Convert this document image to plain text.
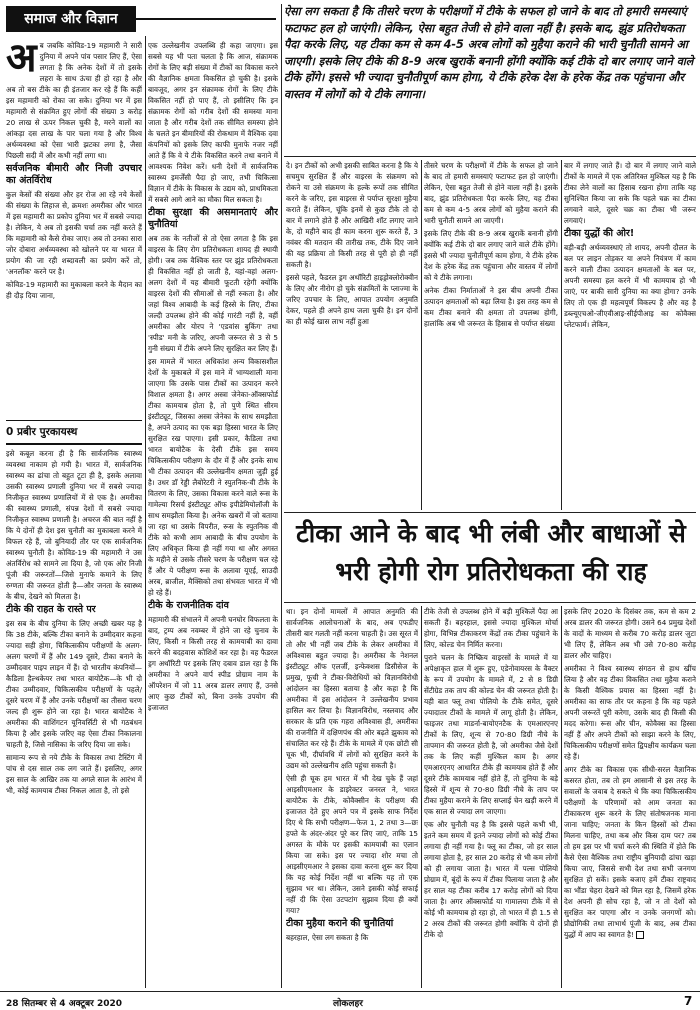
समाज और विज्ञान

अब जबकि कोविड-19 महामारी ने सारी दुनिया में अपने पांव पसार लिए हैं, ऐसा लगता है कि अनेक देशों में तो इसके लहरा के साथ ऊंचा ही हो रहा है और अब तो बस टीके का ही इंतजार कर रहे हैं कि कहीं इस महामारी को रोका जा सके। दुनिया भर में इस महामारी से संक्रमित हुए लोगों की संख्या 3 करोड़ 20 लाख से ऊपर निकल चुकी है, मरने वालों का आंकड़ा दस लाख के पार चला गया है और विश्व अर्थव्यवस्था को ऐसा भारी झटका लगा है, जैसा पिछली सदी में और कभी नहीं लगा था।

सर्वजनिक बीमारी और निजी उपचार का अंतर्विरोध

कुल केसों की संख्या और हर रोज आ रहे नये केसों की संख्या के लिहाज से, क्रमशः अमरीका और भारत में इस महामारी का प्रकोप दुनिया भर में सबसे ज्यादा है। लेकिन, ये अब तो इसकी चर्चा तक नहीं करते हैं कि महामारी को कैसे रोका जाए। अब तो उनका सारा जोर दोबारा अर्थव्यवस्था को खोलने पर या भारत में प्रयोग की जा रही शब्दावली का प्रयोग करें तो, 'अनलॉक' करने पर है।

कोविड-19 महामारी का मुकाबला करने के मैदान का ही दौड़ दिया जाना,

0 प्रबीर पुरकायस्थ

इसे कबूल करना ही है कि सार्वजनिक स्वास्थ्य व्यवस्था नाकाम हो गयी है। भारत में, सार्वजनिक स्वास्थ्य का ढांचा तो बहुत टूटा ही है, इसके अलावा उसकी स्वास्थ्य प्रणाली दुनिया भर में सबसे ज्यादा निजीकृत स्वास्थ्य प्रणालियों में से एक है। अमरीका की स्वास्थ्य प्रणाली, संपन्न देशों में सबसे ज्यादा निजीकृत स्वास्थ्य प्रणाली है। अचरज की बात नहीं है कि ये दोनों ही देश इस चुनौती का मुकाबला करने में विफल रहे हैं, जो बुनियादी तौर पर एक सार्वजनिक स्वास्थ्य चुनौती है। कोविड-19 की महामारी ने उस अंतर्विरोध को सामने ला दिया है, जो एक ओर निजी पूंजी की जरूरतों—जिसे मुनाफे कमाने के लिए रुग्णता की जरूरत होती है—और जनता के स्वास्थ्य के बीच, देखने को मिलता है।

टीके की राहत के रास्ते पर

इस सब के बीच दुनिया के लिए अच्छी खबर यह है कि 38 टीके, बल्कि टीका बनाने के उम्मीदवार कहना ज्यादा सही होगा, चिकित्सकीय परीक्षणों के अलग-अलग चरणों में हैं और 149 दूसरे, टीका बनाने के उम्मीदवार पाइप लाइन में हैं। दो भारतीय कंपनियों—कैडिला हैल्थकेयर तथा भारत बायोटैक—के भी दो टीका उम्मीदवार, चिकित्सकीय परीक्षणों के पहले/दूसरे चरण में हैं और उनके परीक्षणों का तीसरा चरण जल्द ही शुरू होने जा रहा है। भारत बायोटैक ने अमरीका की वाशिंगटन यूनिवर्सिटी से भी गठबंधन किया है और इसके जरिए वह ऐसा टीका निकालना चाहती है, जिसे नासिका के जरिए दिया जा सके।

सामान्य रूप से नये टीके के विकास तथा टैस्टिंग में पांच से दस साल तक लग जाते हैं। इसलिए, अगर इस साल के आखिर तक या अगले साल के आरंभ में भी, कोई कामयाब टीका निकल आता है, तो इसे

एक उल्लेखनीय उपलब्धि ही कहा जाएगा। इस सबसे यह भी पता चलता है कि आज, संक्रामक रोगों के लिए बड़ी संख्या में टीकों का विकास करने की वैज्ञानिक क्षमता विकसित हो चुकी है। इसके बावजूद, अगर इन संक्रामक रोगों के लिए टीके विकसित नहीं हो पाए हैं, तो इसीलिए कि इन संक्रामक रोगों को गरीब देशों की समस्या माना जाता है और गरीब देशों तक सीमित समस्या होने के चलते इन बीमारियों की रोकथाम में वैश्विक दवा कंपनियों को इसके लिए काफी मुनाफे नजर नहीं आते हैं कि वे ये टीके विकसित करने तथा बनाने में आवश्यक निवेश करें। धनी देशों में सार्वजनिक स्वास्थ्य इमर्जेंसी पैदा हो जाए, तभी चिकित्सा विज्ञान में टीके के विकास के उद्यम को, प्राथमिकता में सबसे आगे आने का मौका मिल सकता है।

टीका सुरक्षा की असमानताएं और चुनौतियां

अब तक के नतीजों से तो ऐसा लगता है कि इस वाइरस के लिए रोग प्रतिरोधकता शायद ही स्थायी होगी। जब तक वैश्विक स्तर पर झुंड प्रतिरोधकता ही विकसित नहीं हो जाती है, यहां-वहां अलग-अलग देशों में यह बीमारी फूटती रहेगी क्योंकि वाइरस देशों की सीमाओं से नहीं रुकता है। और जहां विश्व आबादी के कई हिस्से के लिए, टीका जल्दी उपलब्ध होने की कोई गारंटी नहीं है, वहीं अमरीका और योरप ने 'एडवांस बुकिंग' तथा 'स्पीड' मनी के जरिए, अपनी जरूरत से 3 से 5 गुनी संख्या में टीके अपने लिए सुरक्षित कर लिए हैं।

इस मामले में भारत अधिकांश अन्य विकासशील देशों के मुकाबले में इस माने में भाग्यशाली माना जाएगा कि उसके पास टीकों का उत्पादन करने विशाल क्षमता है। अगर अस्त्रा जेनेका-ऑक्सफोर्ड टीका कामयाब होता है, तो पुणे स्थित सीरम इंस्टीट्यूट, जिसका अस्त्रा जेनेका के साथ समझौता है, अपने उत्पाद का एक बड़ा हिस्सा भारत के लिए सुरक्षित रख पाएगा। इसी प्रकार, कैडिला तथा भारत बायोटैक के देसी टीके इस समय चिकित्सकीय परीक्षण के दौर में हैं और इनके साथ भी टीका उत्पादन की उल्लेखनीय क्षमता जुड़ी हुई है। उधर डॉ रेड्डी लैबोरेटरी ने स्पुतनिक-वी टीके के वितरण के लिए, उसका विकास करने वाले रूस के गामेल्या रिसर्च इंस्टीट्यूट ऑफ इपीडेमियोलॉजी के साथ समझौता किया है। अनेक खबरों में जो बताया जा रहा था उसके विपरीत, रूस के स्पुतनिक वी टीके को कभी आम आबादी के बीच उपयोग के लिए अधिकृत किया ही नहीं गया था और अगस्त के महीने से उसके तीसरे चरण के परीक्षण चल रहे हैं और ये परीक्षण रूस के अलावा यूएई, साउदी अरब, ब्राजील, मैक्सिको तथा संभवतः भारत में भी हो रहे हैं।

टीके के राजनीतिक दांव

महामारी की संभालने में अपनी घनघोर विफलता के बाद, ट्रम्प अब नवम्बर में होने जा रहे चुनाव के लिए, किसी न किसी तरह से कामयाबी का दावा करने की बदहवास कोशिशें कर रहा है। वह फैडरल ड्रग अथॉरिटी पर इसके लिए दबाव डाल रहा है कि अमरीका ने अपने वार्प स्पीड प्रोग्राम नाम के ऑपरेशन में जो 11 अरब डालर लगाए हैं, उनसे आए कुछ टीकों को, बिना उनके उपयोग की इजाजत

ऐसा लग सकता है कि तीसरे चरण के परीक्षणों में टीके के सफल हो जाने के बाद तो हमारी समस्याएं फटाफट हल हो जाएंगी। लेकिन, ऐसा बहुत तेजी से होने वाला नहीं है। इसके बाद, झुंड प्रतिरोधकता पैदा करके लिए, यह टीका कम से कम 4-5 अरब लोगों को मुहैया कराने की भारी चुनौती सामने आ जाएगी। इसके लिए टीके की 8-9 अरब खुराकें बनानी होंगी क्योंकि कई टीके दो बार लगाए जाने वाले टीके होंगे। इससे भी ज्यादा चुनौतीपूर्ण काम होगा, ये टीके हरेक देश के हरेक केंद्र तक पहुंचाना और वास्तव में लोगों को ये टीके लगाना।

दे। इन टीकों को अभी इसकी साबित करना है कि ये सचमुच सुरक्षित हैं और वाइरस के संक्रमण को रोकने या उसे संक्रमण के हल्के रूपों तक सीमित करने के जरिए, इस वाइरस से पर्याप्त सुरक्षा मुहैया कराते हैं। लेकिन, चूंकि इनमें से कुछ टीके तो दो बार में लगाने होते हैं और आखिरी शॉट लगाए जाने के, दो महीने बाद ही काम करना शुरू करते हैं, 3 नवंबर की मतदान की तारीख तक, टीके दिए जाने की यह प्रक्रिया तो किसी तरह से पूरी हो ही नहीं सकती है।

इससे पहले, फैडरल ड्रग अथॉरिटी हाइड्रोक्लोरोक्वीन के लिए और नीरोग हो चुके संक्रमितों के प्लाज्मा के जरिए उपचार के लिए, आपात उपयोग अनुमति देकर, पहले ही अपने हाथ जला चुकी है। इन दोनों का ही कोई खास लाभ नहीं हुआ

तीसरे चरण के परीक्षणों में टीके के सफल हो जाने के बाद तो हमारी समस्याएं फटाफट हल हो जाएंगी। लेकिन, ऐसा बहुत तेजी से होने वाला नहीं है। इसके बाद, झुंड प्रतिरोधकता पैदा करके लिए, यह टीका कम से कम 4-5 अरब लोगों को मुहैया कराने की भारी चुनौती सामने आ जाएगी।

इसके लिए टीके की 8-9 अरब खुराकें बनानी होंगी क्योंकि कई टीके दो बार लगाए जाने वाले टीके होंगे। इससे भी ज्यादा चुनौतीपूर्ण काम होगा, ये टीके हरेक देश के हरेक केंद्र तक पहुंचाना और वास्तव में लोगों को ये टीके लगाना।

अनेक टीका निर्माताओं ने इस बीच अपनी टीका उत्पादन क्षमताओं को बढ़ा लिया है। इस तरह कम से कम टीका बनाने की क्षमता तो उपलब्ध होगी, हालांकि अब भी जरूरत के हिसाब से पर्याप्त संख्या

बार में लगाए जाते हैं। दो बार में लगाए जाने वाले टीकों के मामले में एक अतिरिक्त मुश्किल यह है कि टीका लेने वालों का हिसाब रखना होगा ताकि यह सुनिश्चित किया जा सके कि पहले चक्र का टीका लगवाने वाले, दूसरे चक्र का टीका भी जरूर लगवाएं।

टीका युद्धों की ओर!

बड़ी-बड़ी अर्थव्यवस्थाएं तो शायद, अपनी दौलत के बल पर लाइन तोड़कर या अपने नियंत्रण में काम करने वाली टीका उत्पादन क्षमताओं के बल पर, अपनी समस्या हल करने में भी कामयाब हो भी जाएं, पर बाकी सारी दुनिया का क्या होगा? उनके लिए तो एक ही महत्वपूर्ण विकल्प है और वह है डब्ल्यूएचओ-जीएवीआइ-सीईपीआइ का कोवैक्स प्लेटफार्म। लेकिन,

टीका आने के बाद भी लंबी और बाधाओं से भरी होगी रोग प्रतिरोधकता की राह

था। इन दोनों मामलों में आपात अनुमति की सार्वजनिक आलोचनाओं के बाद, अब एफडीए तीसरी बार गलती नहीं करना चाहती है। उस सूरत में तो और भी नहीं जब टीके के लेकर अमरीका में अविश्वास बहुत ज्यादा है। अमरीका के नेशनल इंस्टीट्यूट ऑफ एलर्जी, इन्फेक्शस डिसीसेज के प्रमुख, फूची ने टीका-विरोधियों को विज्ञानविरोधी आंदोलन का हिस्सा बताया है और कहा है कि अमरीका में इस आंदोलन ने उल्लेखनीय प्रभाव हासिल कर लिया है। विज्ञानविरोध, नस्लवाद और सरकार के प्रति एक गहरा अविश्वास ही, अमरीका की राजनीति में दक्षिणपंथ की ओर बढ़ते झुकाव को संचालित कर रहे हैं। टीके के मामले में एक छोटी सी चूक भी, दीर्घावधि में लोगों को सुरक्षित करने के उद्यम को उल्लेखनीय क्षति पहुंचा सकती है।

ऐसी ही चूक हम भारत में भी देख चुके हैं जहां आइसीएमआर के डाइरेक्टर जनरल ने, भारत बायोटैक के टीके, कोवैक्सीन के परीक्षण की इजाजत देते हुए अपने पत्र में इसके साफ निर्देश दिए थे कि सभी परीक्षण—फेज 1, 2 तथा 3—छः हफ्ते के अंदर-अंदर पूरे कर लिए जाएं, ताकि 15 अगस्त के मौके पर इसकी कामयाबी का एलान किया जा सके। इस पर ज्यादा शोर मचा तो आइसीएमआर ने इसका दावा करना शुरू कर दिया कि यह कोई निर्देश नहीं था बल्कि यह तो एक सुझाव भर था। लेकिन, उसने इसकी कोई सफाई नहीं दी कि ऐसा उटपटांग सुझाव दिया ही क्यों गया?

टीका मुहैया कराने की चुनौतियां

बहरहाल, ऐसा लग सकता है कि

टीके तेजी से उपलब्ध होने में बड़ी मुश्किलें पैदा आ सकती हैं। बहरहाल, इससे ज्यादा मुश्किल मोर्चा होगा, विभिन्न टीकाकरण केंद्रों तक टीका पहुंचाने के लिए, कोल्ड चेन निर्मित करना।

पुराने चलन के निष्क्रिय वाइरसों के मामले में या अपेक्षाकृत हाल में शुरू हुए, एडेनोवायरस के वैक्टर के रूप में उपयोग के मामले में, 2 से 8 डिग्री सेंटीग्रेड तक ताप की कोल्ड चेन की जरूरत होती है। यही बात फ्लू तथा पोलियो के टीके समेत, दूसरे ज्यादातर टीकों के मामले में लागू होती है। लेकिन, फाइजर तथा माडर्ना-बायोएनटैक के एमआरएनए टीकों के लिए, शून्य से 70-80 डिग्री नीचे के तापमान की जरूरत होती है, जो अमरीका जैसे देशों तक के लिए कहीं मुश्किल काम है। अगर एमआरएनए आधारित टीके ही कामयाब होते हैं और दूसरे टीके कामयाब नहीं होते हैं, तो दुनिया के बड़े हिस्से में शून्य से 70-80 डिग्री नीचे के ताप पर टीका मुहैया कराने के लिए सप्लाई चेन खड़ी करने में एक साल से ज्यादा लग जाएगा।

एक और चुनौती यह है कि इससे पहले कभी भी, इतने कम समय में इतने ज्यादा लोगों को कोई टीका लगाया ही नहीं गया है। फ्लू का टीका, जो हर साल लगाया होता है, हर साल 20 करोड़ से भी कम लोगों को ही लगाया जाता है। भारत में पल्स पोलियो प्रोग्राम में, बूंदों के रूप में टीका पिलाया जाता है और हर साल यह टीका करीब 17 करोड़ लोगों को दिया जाता है। अगर ऑक्सफोर्ड या गामालया टीके में से कोई भी कामयाब हो रहा हो, तो भारत में ही 1.5 से 2 अरब टीकों की जरूरत होगी क्योंकि ये दोनों ही टीके दो

इसके लिए 2020 के दिसंबर तक, कम से कम 2 अरब डालर की जरूरत होगी। उसने 64 प्रमुख देशों के वादों के माध्यम से करीब 70 करोड़ डालर जुटा भी लिए हैं, लेकिन अब भी उसे 70-80 करोड़ डालर और चाहिए।

अमरीका ने विश्व स्वास्थ्य संगठन से हाथ खींच लिया है और वह टीका विकसित तथा मुहैया कराने के किसी वैश्विक प्रयास का हिस्सा नहीं है। अमरीका का साफ तौर पर कहना है कि वह पहले अपनी जरूरतें पूरी करेगा, उसके बाद ही किसी की मदद करेगा। रूस और चीन, कोवैक्स का हिस्सा नहीं हैं और अपने टीकों को साझा करने के लिए, चिकित्सकीय परीक्षणों समेत द्विपक्षीय कार्यक्रम चला रहे हैं।

अगर टीके का विकास एक सीधी-सरल वैज्ञानिक कसरत होता, तब तो हम आसानी से इस तरह के सवालों के जवाब दे सकते थे कि क्या चिकित्सकीय परीक्षणों के परिणामों को आम जनता का टीकाकरण शुरू करने के लिए संतोषजनक माना जाना चाहिए; जनता के किन हिस्सों को टीका मिलना चाहिए, तथा कब और किस दाम पर? तब तो हम इस पर भी चर्चा करने की स्थिति में होते कि कैसे ऐसा वैश्विक तथा राष्ट्रीय बुनियादी ढांचा खड़ा किया जाए, जिससे सभी देश तथा सभी जनगण सुरक्षित हो सकें। इसके बजाए हमें टीका राष्ट्रवाद का भौंडा चेहरा देखने को मिल रहा है, जिसमें हरेक देश अपनी ही सोच रहा है, जो न तो देशों को सुरक्षित कर पाएगा और न उनके जनगणों को। प्रौद्योगिकी तथा लाभार्थ पूंजी के बाद, अब टीका युद्धों में आप का स्वागत है!

28 सितम्बर से 4 अक्टूबर 2020	लोकलहर	7
